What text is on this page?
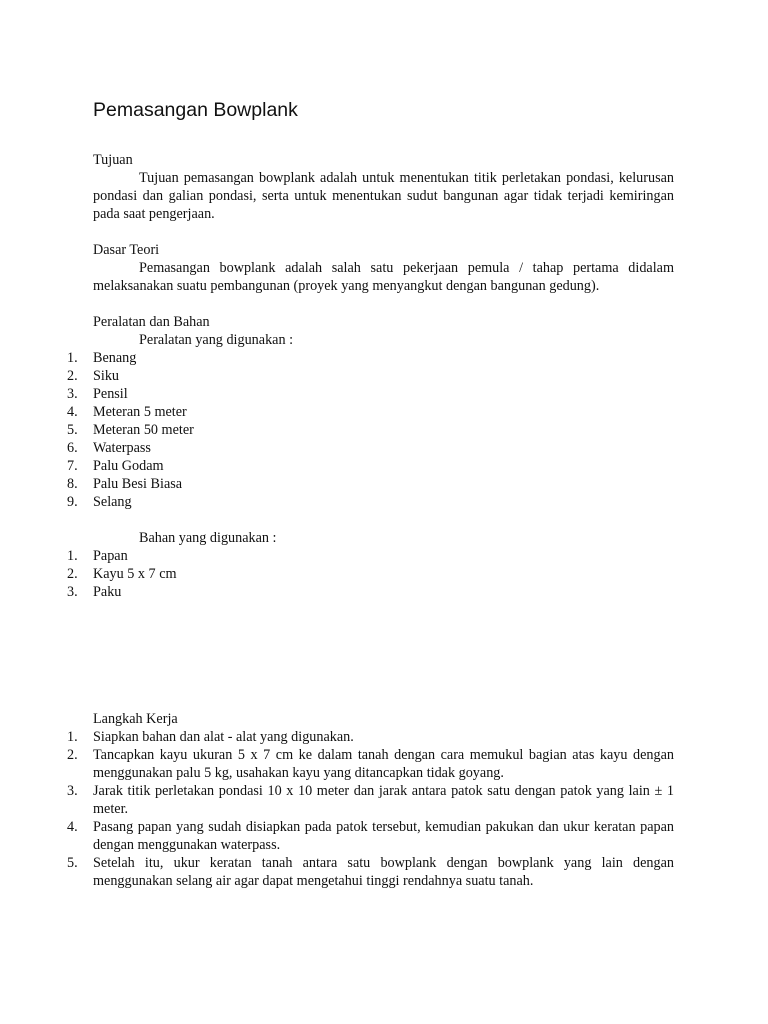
Pemasangan Bowplank

Tujuan

Tujuan pemasangan bowplank adalah untuk menentukan titik perletakan pondasi, kelurusan pondasi dan galian pondasi, serta untuk menentukan sudut bangunan agar tidak terjadi kemiringan pada saat pengerjaan.

Dasar Teori

Pemasangan bowplank adalah salah satu pekerjaan pemula / tahap pertama didalam melaksanakan suatu pembangunan (proyek yang menyangkut dengan bangunan gedung).

Peralatan dan Bahan

Peralatan yang digunakan :

1.	Benang
2.	Siku
3.	Pensil
4.	Meteran 5 meter
5.	Meteran 50 meter
6.	Waterpass
7.	Palu Godam
8.	Palu Besi Biasa
9.	Selang

Bahan yang digunakan :

1.	Papan
2.	Kayu 5 x 7 cm
3.	Paku

Langkah Kerja

1.	Siapkan bahan dan alat - alat yang digunakan.
2.	Tancapkan kayu ukuran 5 x 7 cm ke dalam tanah dengan cara memukul bagian atas kayu dengan menggunakan palu 5 kg, usahakan kayu yang ditancapkan tidak goyang.
3.	Jarak titik perletakan pondasi 10 x 10 meter dan jarak antara patok satu dengan patok yang lain ± 1 meter.
4.	Pasang papan yang sudah disiapkan pada patok tersebut, kemudian pakukan dan ukur keratan papan dengan menggunakan waterpass.
5.	Setelah itu, ukur keratan tanah antara satu bowplank dengan bowplank yang lain dengan menggunakan selang air agar dapat mengetahui tinggi rendahnya suatu tanah.
